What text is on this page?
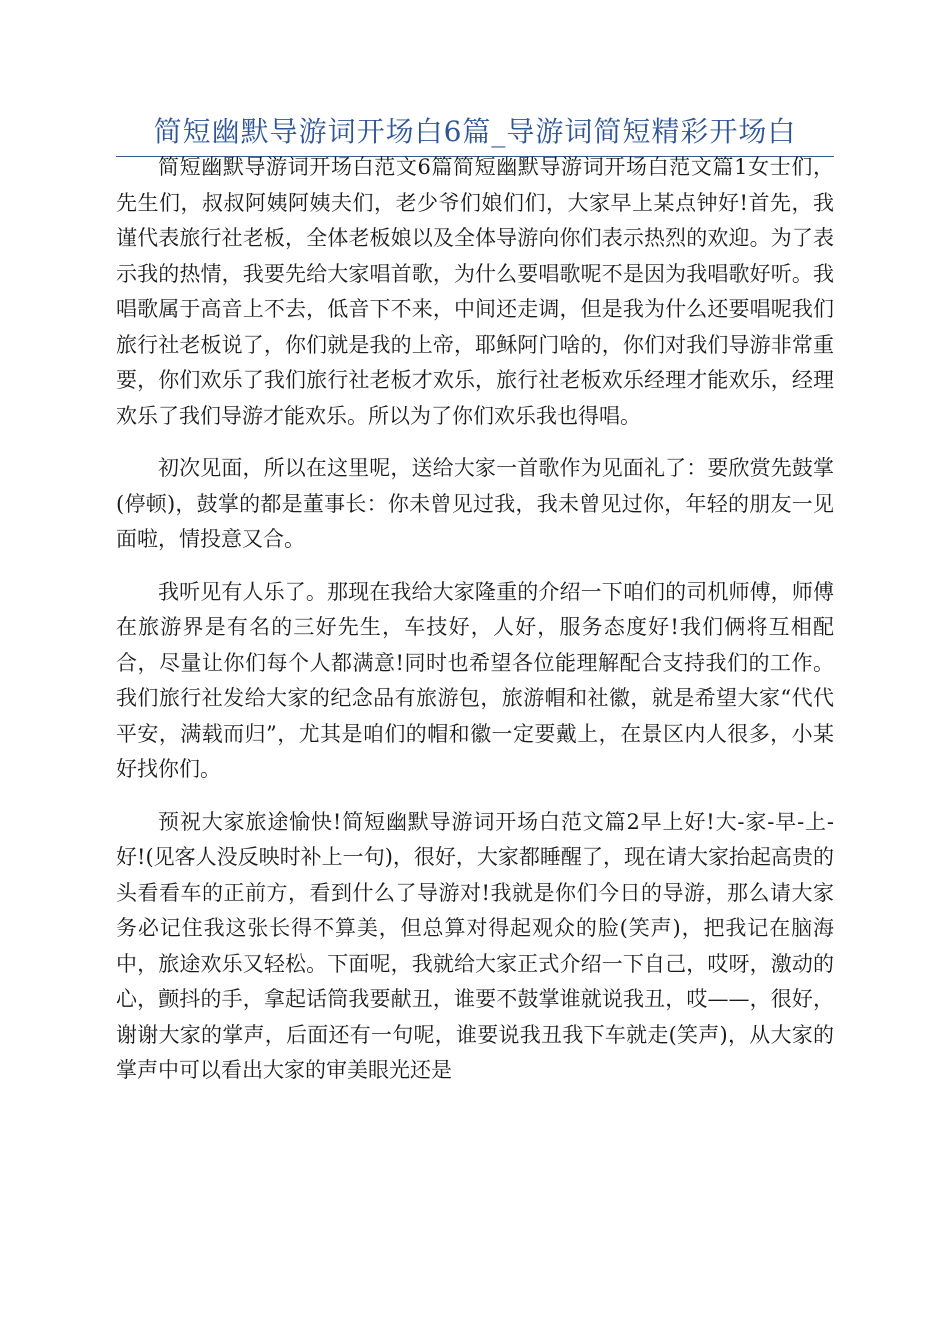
简短幽默导游词开场白6篇_导游词简短精彩开场白

简短幽默导游词开场白范文6篇简短幽默导游词开场白范文篇1女士们，先生们，叔叔阿姨阿姨夫们，老少爷们娘们们，大家早上某点钟好!首先，我谨代表旅行社老板，全体老板娘以及全体导游向你们表示热烈的欢迎。为了表示我的热情，我要先给大家唱首歌，为什么要唱歌呢不是因为我唱歌好听。我唱歌属于高音上不去，低音下不来，中间还走调，但是我为什么还要唱呢我们旅行社老板说了，你们就是我的上帝，耶稣阿门啥的，你们对我们导游非常重要，你们欢乐了我们旅行社老板才欢乐，旅行社老板欢乐经理才能欢乐，经理欢乐了我们导游才能欢乐。所以为了你们欢乐我也得唱。

初次见面，所以在这里呢，送给大家一首歌作为见面礼了：要欣赏先鼓掌(停顿)，鼓掌的都是董事长：你未曾见过我，我未曾见过你，年轻的朋友一见面啦，情投意又合。

我听见有人乐了。那现在我给大家隆重的介绍一下咱们的司机师傅，师傅在旅游界是有名的三好先生，车技好，人好，服务态度好!我们俩将互相配合，尽量让你们每个人都满意!同时也希望各位能理解配合支持我们的工作。我们旅行社发给大家的纪念品有旅游包，旅游帽和社徽，就是希望大家“代代平安，满载而归”，尤其是咱们的帽和徽一定要戴上，在景区内人很多，小某好找你们。

预祝大家旅途愉快!简短幽默导游词开场白范文篇2早上好!大-家-早-上-好!(见客人没反映时补上一句)，很好，大家都睡醒了，现在请大家抬起高贵的头看看车的正前方，看到什么了导游对!我就是你们今日的导游，那么请大家务必记住我这张长得不算美，但总算对得起观众的脸(笑声)，把我记在脑海中，旅途欢乐又轻松。下面呢，我就给大家正式介绍一下自己，哎呀，激动的心，颤抖的手，拿起话筒我要献丑，谁要不鼓掌谁就说我丑，哎——，很好，谢谢大家的掌声，后面还有一句呢，谁要说我丑我下车就走(笑声)，从大家的掌声中可以看出大家的审美眼光还是
